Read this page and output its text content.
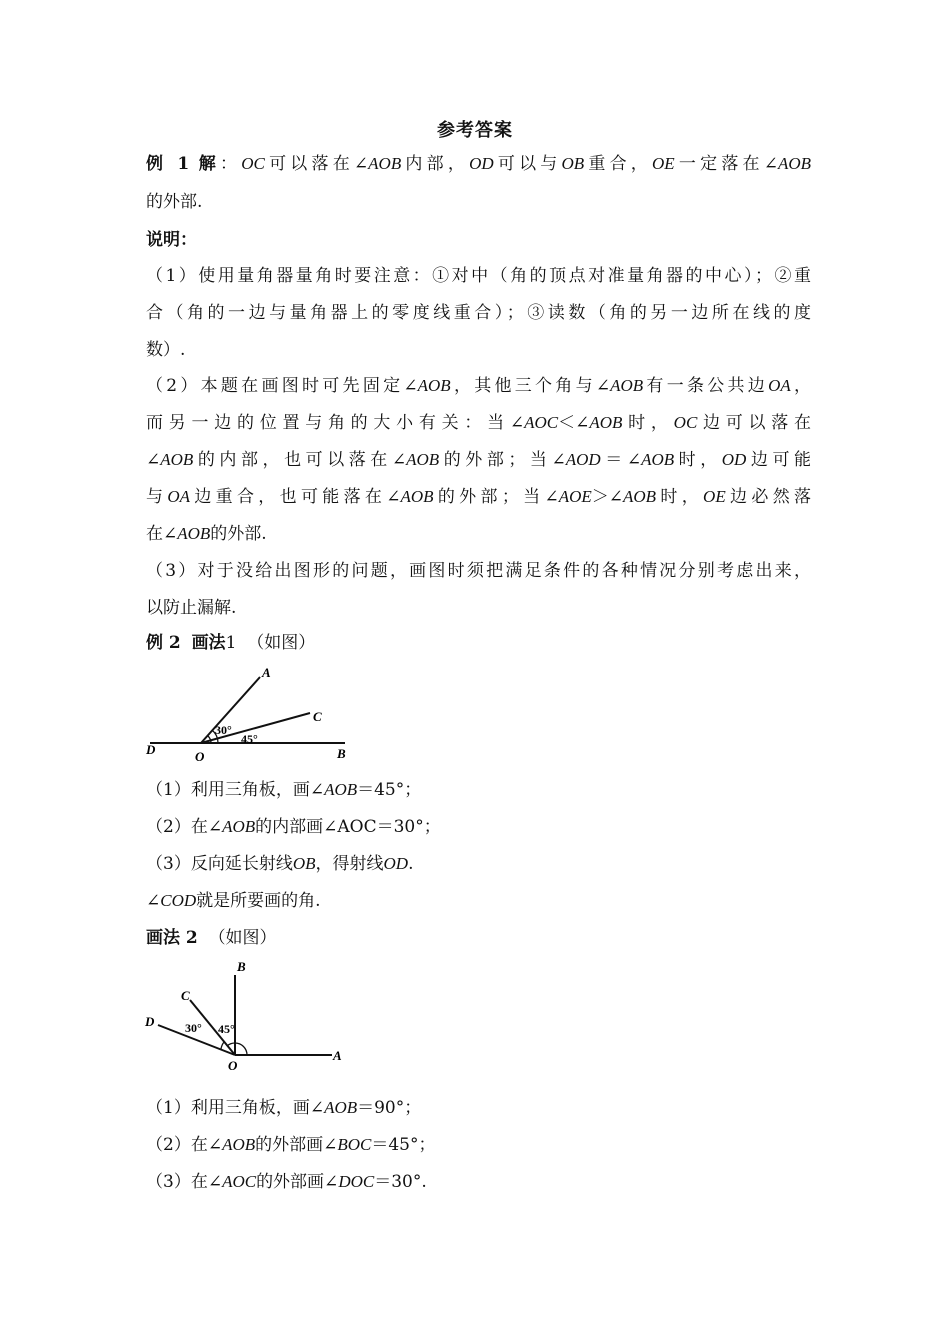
参考答案
例 1 解：OC可以落在∠AOB内部，OD可以与OB重合，OE一定落在∠AOB
的外部.
说明：
（1）使用量角器量角时要注意：①对中（角的顶点对准量角器的中心）；②重
合（角的一边与量角器上的零度线重合）；③读数（角的另一边所在线的度
数）.
（2）本题在画图时可先固定∠AOB，其他三个角与∠AOB有一条公共边OA，
而另一边的位置与角的大小有关：当∠AOC＜∠AOB时，OC边可以落在
∠AOB的内部，也可以落在∠AOB的外部；当∠AOD＝∠AOB时，OD边可能
与OA边重合，也可能落在∠AOB的外部；当∠AOE＞∠AOB时，OE边必然落
在∠AOB的外部.
（3）对于没给出图形的问题，画图时须把满足条件的各种情况分别考虑出来，
以防止漏解.
例 2 画法1 （如图）
A
C
D	O	B
30°
45°
（1）利用三角板，画∠AOB＝45°；
（2）在∠AOB的内部画∠AOC＝30°；
（3）反向延长射线OB，得射线OD.
∠COD就是所要画的角.
画法 2 （如图）
B
C
D
O
A
30° 45°
（1）利用三角板，画∠AOB＝90°；
（2）在∠AOB的外部画∠BOC＝45°；
（3）在∠AOC的外部画∠DOC＝30°.
